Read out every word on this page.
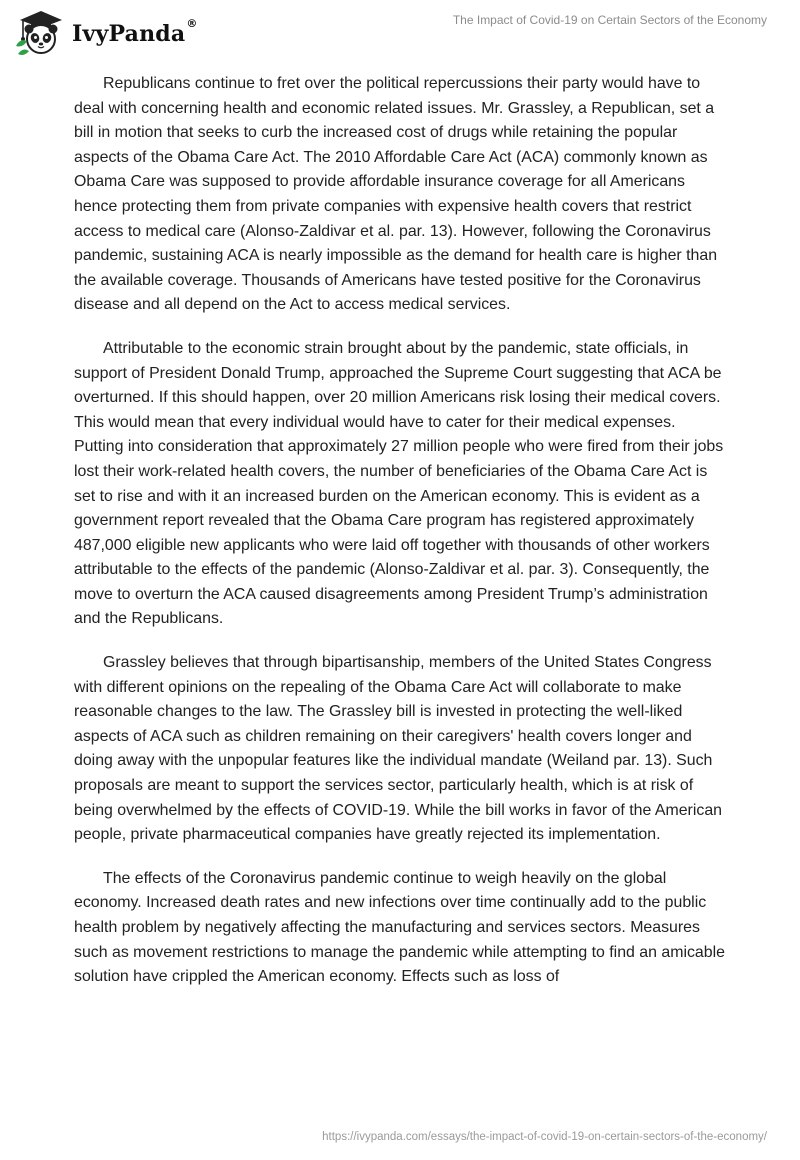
IvyPanda®	The Impact of Covid-19 on Certain Sectors of the Economy

Republicans continue to fret over the political repercussions their party would have to deal with concerning health and economic related issues. Mr. Grassley, a Republican, set a bill in motion that seeks to curb the increased cost of drugs while retaining the popular aspects of the Obama Care Act. The 2010 Affordable Care Act (ACA) commonly known as Obama Care was supposed to provide affordable insurance coverage for all Americans hence protecting them from private companies with expensive health covers that restrict access to medical care (Alonso-Zaldivar et al. par. 13). However, following the Coronavirus pandemic, sustaining ACA is nearly impossible as the demand for health care is higher than the available coverage. Thousands of Americans have tested positive for the Coronavirus disease and all depend on the Act to access medical services.

Attributable to the economic strain brought about by the pandemic, state officials, in support of President Donald Trump, approached the Supreme Court suggesting that ACA be overturned. If this should happen, over 20 million Americans risk losing their medical covers. This would mean that every individual would have to cater for their medical expenses. Putting into consideration that approximately 27 million people who were fired from their jobs lost their work-related health covers, the number of beneficiaries of the Obama Care Act is set to rise and with it an increased burden on the American economy. This is evident as a government report revealed that the Obama Care program has registered approximately 487,000 eligible new applicants who were laid off together with thousands of other workers attributable to the effects of the pandemic (Alonso-Zaldivar et al. par. 3). Consequently, the move to overturn the ACA caused disagreements among President Trump’s administration and the Republicans.

Grassley believes that through bipartisanship, members of the United States Congress with different opinions on the repealing of the Obama Care Act will collaborate to make reasonable changes to the law. The Grassley bill is invested in protecting the well-liked aspects of ACA such as children remaining on their caregivers' health covers longer and doing away with the unpopular features like the individual mandate (Weiland par. 13). Such proposals are meant to support the services sector, particularly health, which is at risk of being overwhelmed by the effects of COVID-19. While the bill works in favor of the American people, private pharmaceutical companies have greatly rejected its implementation.

The effects of the Coronavirus pandemic continue to weigh heavily on the global economy. Increased death rates and new infections over time continually add to the public health problem by negatively affecting the manufacturing and services sectors. Measures such as movement restrictions to manage the pandemic while attempting to find an amicable solution have crippled the American economy. Effects such as loss of

https://ivypanda.com/essays/the-impact-of-covid-19-on-certain-sectors-of-the-economy/
